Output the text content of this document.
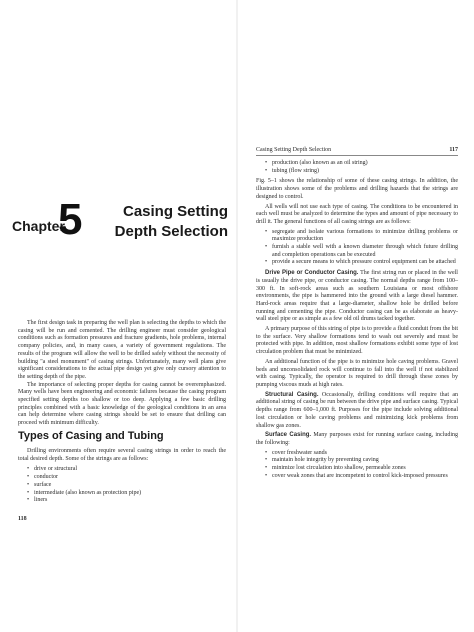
Chapter
5	Casing Setting
Depth Selection

The first design task in preparing the well plan is selecting the depths to which the casing will be run and cemented. The drilling engineer must consider geological conditions such as formation pressures and fracture gradients, hole problems, internal company policies, and, in many cases, a variety of government regulations. The results of the program will allow the well to be drilled safely without the necessity of building "a steel monument" of casing strings. Unfortunately, many well plans give significant considerations to the actual pipe design yet give only cursory attention to the setting depth of the pipe.

The importance of selecting proper depths for casing cannot be overemphasized. Many wells have been engineering and economic failures because the casing program specified setting depths too shallow or too deep. Applying a few basic drilling principles combined with a basic knowledge of the geological conditions in an area can help determine where casing strings should be set to ensure that drilling can proceed with minimum difficulty.

Types of Casing and Tubing

Drilling environments often require several casing strings in order to reach the total desired depth. Some of the strings are as follows:

• drive or structural
• conductor
• surface
• intermediate (also known as protection pipe)
• liners
118
Casing Setting Depth Selection	117
• production (also known as an oil string)
• tubing (flow string)

Fig. 5–1 shows the relationship of some of these casing strings. In addition, the illustration shows some of the problems and drilling hazards that the strings are designed to control.

All wells will not use each type of casing. The conditions to be encountered in each well must be analyzed to determine the types and amount of pipe necessary to drill it. The general functions of all casing strings are as follows:

• segregate and isolate various formations to minimize drilling problems or maximize production
• furnish a stable well with a known diameter through which future drilling and completion operations can be executed
• provide a secure means to which pressure control equipment can be attached

Drive Pipe or Conductor Casing. The first string run or placed in the well is usually the drive pipe, or conductor casing. The normal depths range from 100–300 ft. In soft-rock areas such as southern Louisiana or most offshore environments, the pipe is hammered into the ground with a large diesel hammer. Hard-rock areas require that a large-diameter, shallow hole be drilled before running and cementing the pipe. Conductor casing can be as elaborate as heavy-wall steel pipe or as simple as a few old oil drums tacked together.

A primary purpose of this string of pipe is to provide a fluid conduit from the bit to the surface. Very shallow formations tend to wash out severely and must be protected with pipe. In addition, most shallow formations exhibit some type of lost circulation problem that must be minimized.

An additional function of the pipe is to minimize hole caving problems. Gravel beds and unconsolidated rock will continue to fall into the well if not stabilized with casing. Typically, the operator is required to drill through these zones by pumping viscous muds at high rates.

Structural Casing. Occasionally, drilling conditions will require that an additional string of casing be run between the drive pipe and surface casing. Typical depths range from 600–1,000 ft. Purposes for the pipe include solving additional lost circulation or hole caving problems and minimizing kick problems from shallow gas zones.

Surface Casing. Many purposes exist for running surface casing, including the following:

• cover freshwater sands
• maintain hole integrity by preventing caving
• minimize lost circulation into shallow, permeable zones
• cover weak zones that are incompetent to control kick-imposed pressures
